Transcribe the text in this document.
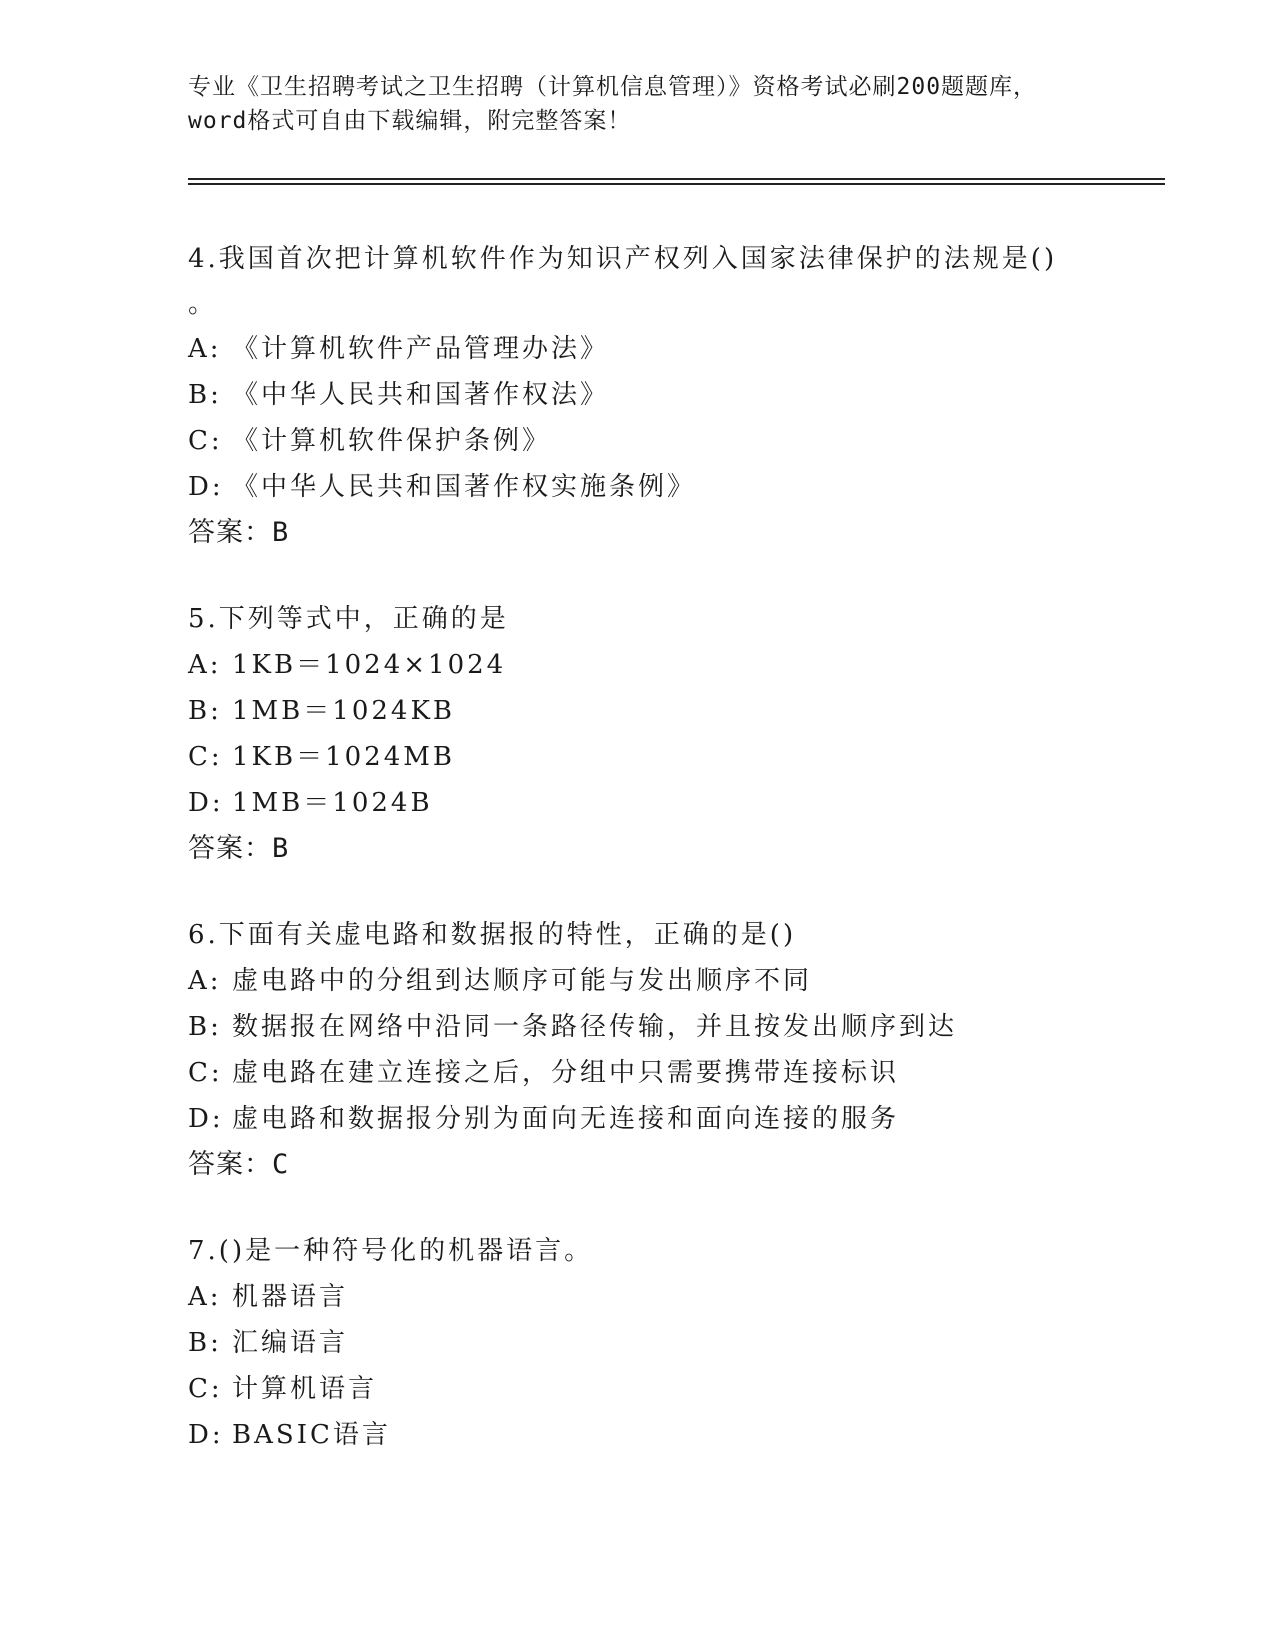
专业《卫生招聘考试之卫生招聘（计算机信息管理）》资格考试必刷200题题库，
word格式可自由下载编辑，附完整答案！
4.我国首次把计算机软件作为知识产权列入国家法律保护的法规是()
。
A: 《计算机软件产品管理办法》
B: 《中华人民共和国著作权法》
C: 《计算机软件保护条例》
D: 《中华人民共和国著作权实施条例》
答案：B
5.下列等式中，正确的是
A: 1KB＝1024×1024
B: 1MB＝1024KB
C: 1KB＝1024MB
D: 1MB＝1024B
答案：B
6.下面有关虚电路和数据报的特性，正确的是()
A: 虚电路中的分组到达顺序可能与发出顺序不同
B: 数据报在网络中沿同一条路径传输，并且按发出顺序到达
C: 虚电路在建立连接之后，分组中只需要携带连接标识
D: 虚电路和数据报分别为面向无连接和面向连接的服务
答案：C
7.()是一种符号化的机器语言。
A: 机器语言
B: 汇编语言
C: 计算机语言
D: BASIC语言
